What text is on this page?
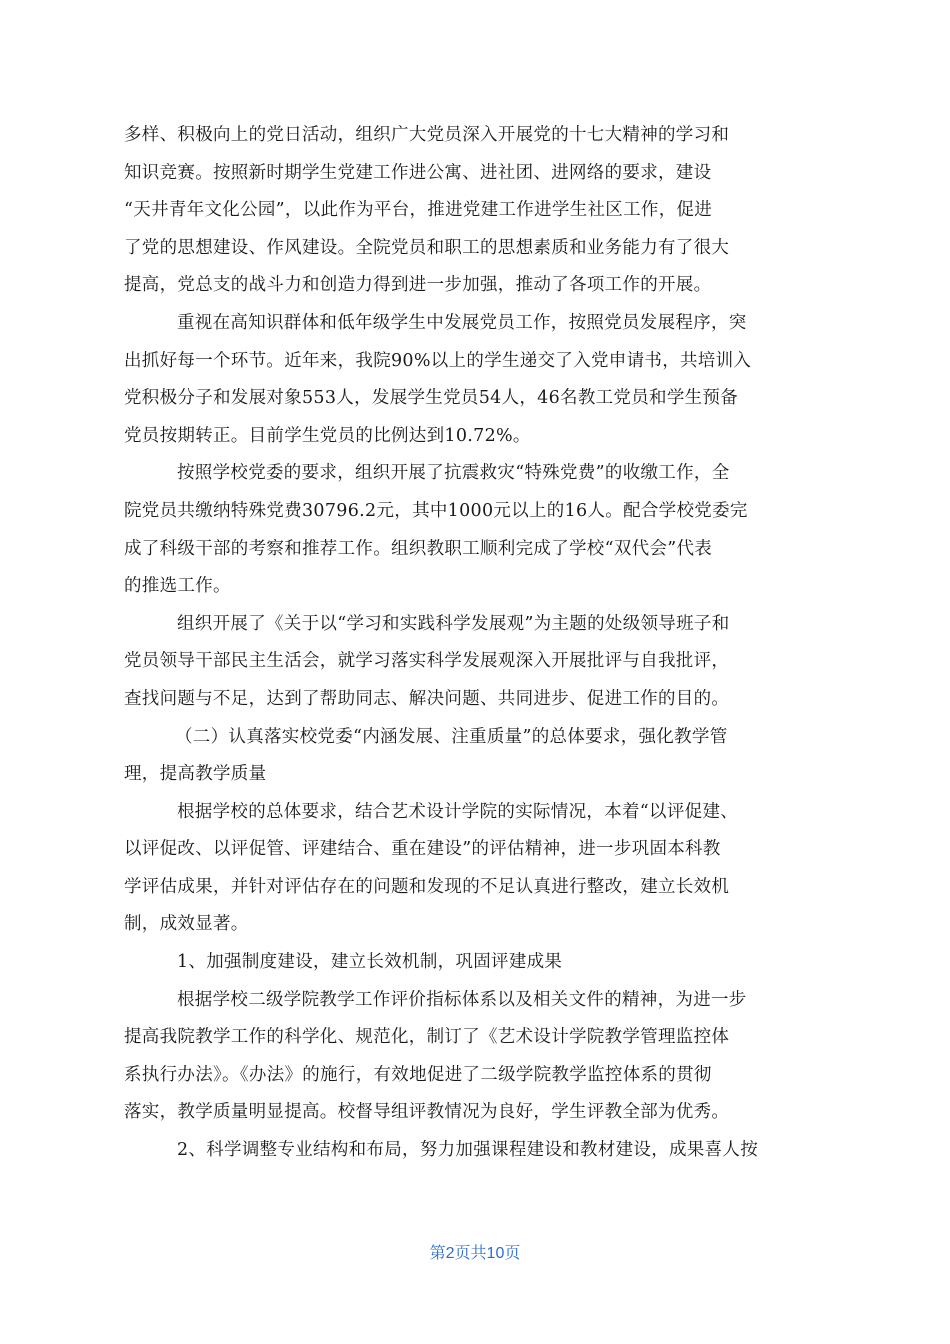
多样、积极向上的党日活动，组织广大党员深入开展党的十七大精神的学习和
知识竞赛。按照新时期学生党建工作进公寓、进社团、进网络的要求，建设
“天井青年文化公园”，以此作为平台，推进党建工作进学生社区工作，促进
了党的思想建设、作风建设。全院党员和职工的思想素质和业务能力有了很大
提高，党总支的战斗力和创造力得到进一步加强，推动了各项工作的开展。
重视在高知识群体和低年级学生中发展党员工作，按照党员发展程序，突
出抓好每一个环节。近年来，我院90%以上的学生递交了入党申请书，共培训入
党积极分子和发展对象553人，发展学生党员54人，46名教工党员和学生预备
党员按期转正。目前学生党员的比例达到10.72%。
按照学校党委的要求，组织开展了抗震救灾“特殊党费”的收缴工作，全
院党员共缴纳特殊党费30796.2元，其中1000元以上的16人。配合学校党委完
成了科级干部的考察和推荐工作。组织教职工顺利完成了学校“双代会”代表
的推选工作。
组织开展了《关于以“学习和实践科学发展观”为主题的处级领导班子和
党员领导干部民主生活会，就学习落实科学发展观深入开展批评与自我批评，
查找问题与不足，达到了帮助同志、解决问题、共同进步、促进工作的目的。
（二）认真落实校党委“内涵发展、注重质量”的总体要求，强化教学管
理，提高教学质量
根据学校的总体要求，结合艺术设计学院的实际情况，本着“以评促建、
以评促改、以评促管、评建结合、重在建设”的评估精神，进一步巩固本科教
学评估成果，并针对评估存在的问题和发现的不足认真进行整改，建立长效机
制，成效显著。
1、加强制度建设，建立长效机制，巩固评建成果
根据学校二级学院教学工作评价指标体系以及相关文件的精神，为进一步
提高我院教学工作的科学化、规范化，制订了《艺术设计学院教学管理监控体
系执行办法》。《办法》的施行，有效地促进了二级学院教学监控体系的贯彻
落实，教学质量明显提高。校督导组评教情况为良好，学生评教全部为优秀。
2、科学调整专业结构和布局，努力加强课程建设和教材建设，成果喜人按
第2页共10页
